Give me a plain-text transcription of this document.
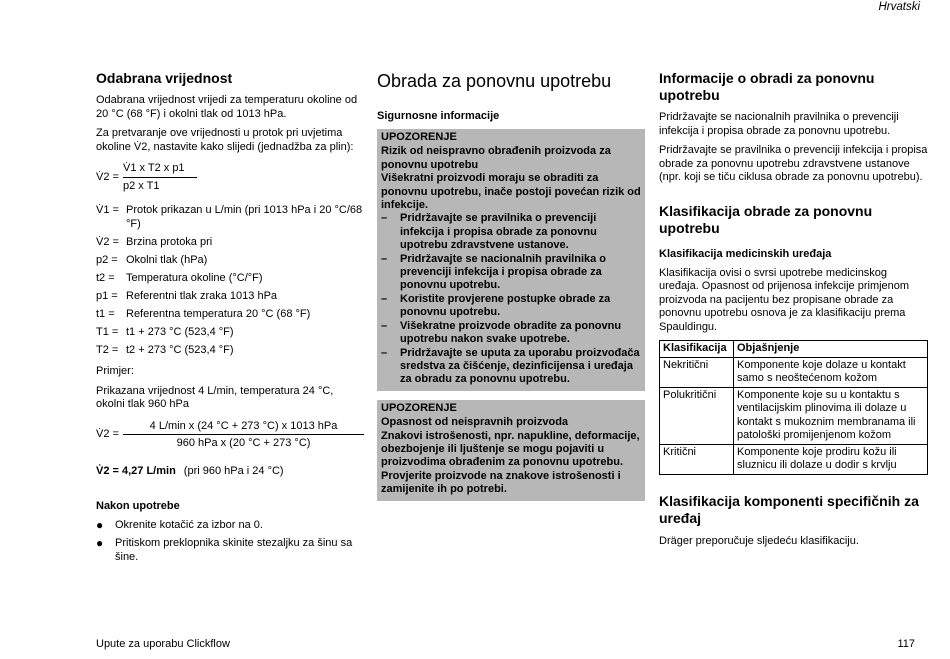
Hrvatski
Odabrana vrijednost

Odabrana vrijednost vrijedi za temperaturu okoline od 20 °C (68 °F) i okolni tlak od 1013 hPa.

Za pretvaranje ove vrijednosti u protok pri uvjetima okoline V̇2, nastavite kako slijedi (jednadžba za plin):

V̇2 = $\frac{\text{V̇1 x T2 x p1}}{\text{p2 x T1}}$
V̇1 = Protok prikazan u L/min (pri 1013 hPa i 20 °C/68 °F)
V̇2 = Brzina protoka pri
p2 = Okolni tlak (hPa)
t2 =	Temperatura okoline (°C/°F)
p1 = Referentni tlak zraka 1013 hPa
t1 =	Referentna temperatura 20 °C (68 °F)
T1 = t1 + 273 °C (523,4 °F)
T2 = t2 + 273 °C (523,4 °F)

Primjer:

Prikazana vrijednost 4 L/min, temperatura 24 °C, okolni tlak 960 hPa

V̇2 = $\frac{\text{4 L/min x (24 °C + 273 °C) x 1013 hPa}}{\text{960 hPa x (20 °C + 273 °C)}}$
V̇2 = 4,27 L/min (pri 960 hPa i 24 °C)
Nakon upotrebe
●	Okrenite kotačić za izbor na 0.
●	Pritiskom preklopnika skinite stezaljku za šinu sa šine.
Obrada za ponovnu upotrebu
Sigurnosne informacije
UPOZORENJE
Rizik od neispravno obrađenih proizvoda za ponovnu upotrebu
Višekratni proizvodi moraju se obraditi za ponovnu upotrebu, inače postoji povećan rizik od infekcije.
–	Pridržavajte se pravilnika o prevenciji infekcija i propisa obrade za ponovnu upotrebu zdravstvene ustanove.
–	Pridržavajte se nacionalnih pravilnika o prevenciji infekcija i propisa obrade za ponovnu upotrebu.
–	Koristite provjerene postupke obrade za ponovnu upotrebu.
–	Višekratne proizvode obradite za ponovnu upotrebu nakon svake upotrebe.
–	Pridržavajte se uputa za uporabu proizvođača sredstva za čišćenje, dezinficijensa i uređaja za obradu za ponovnu upotrebu.
UPOZORENJE
Opasnost od neispravnih proizvoda
Znakovi istrošenosti, npr. napukline, deformacije, obezbojenje ili ljuštenje se mogu pojaviti u proizvodima obrađenim za ponovnu upotrebu. Provjerite proizvode na znakove istrošenosti i zamijenite ih po potrebi.
Informacije o obradi za ponovnu upotrebu

Pridržavajte se nacionalnih pravilnika o prevenciji infekcija i propisa obrade za ponovnu upotrebu.

Pridržavajte se pravilnika o prevenciji infekcija i propisa obrade za ponovnu upotrebu zdravstvene ustanove (npr. koji se tiču ciklusa obrade za ponovnu upotrebu).

Klasifikacija obrade za ponovnu upotrebu
Klasifikacija medicinskih uređaja

Klasifikacija ovisi o svrsi upotrebe medicinskog uređaja. Opasnost od prijenosa infekcije primjenom proizvoda na pacijentu bez propisane obrade za ponovnu upotrebu osnova je za klasifikaciju prema Spauldingu.

Klasifikacija	Objašnjenje
Nekritični	Komponente koje dolaze u kontakt samo s neoštećenom kožom
Polukritični	Komponente koje su u kontaktu s ventilacijskim plinovima ili dolaze u kontakt s mukoznim membranama ili patološki promijenjenom kožom
Kritični	Komponente koje prodiru kožu ili sluznicu ili dolaze u dodir s krvlju
Klasifikacija komponenti specifičnih za uređaj

Dräger preporučuje sljedeću klasifikaciju.

Upute za uporabu Clickflow	117
